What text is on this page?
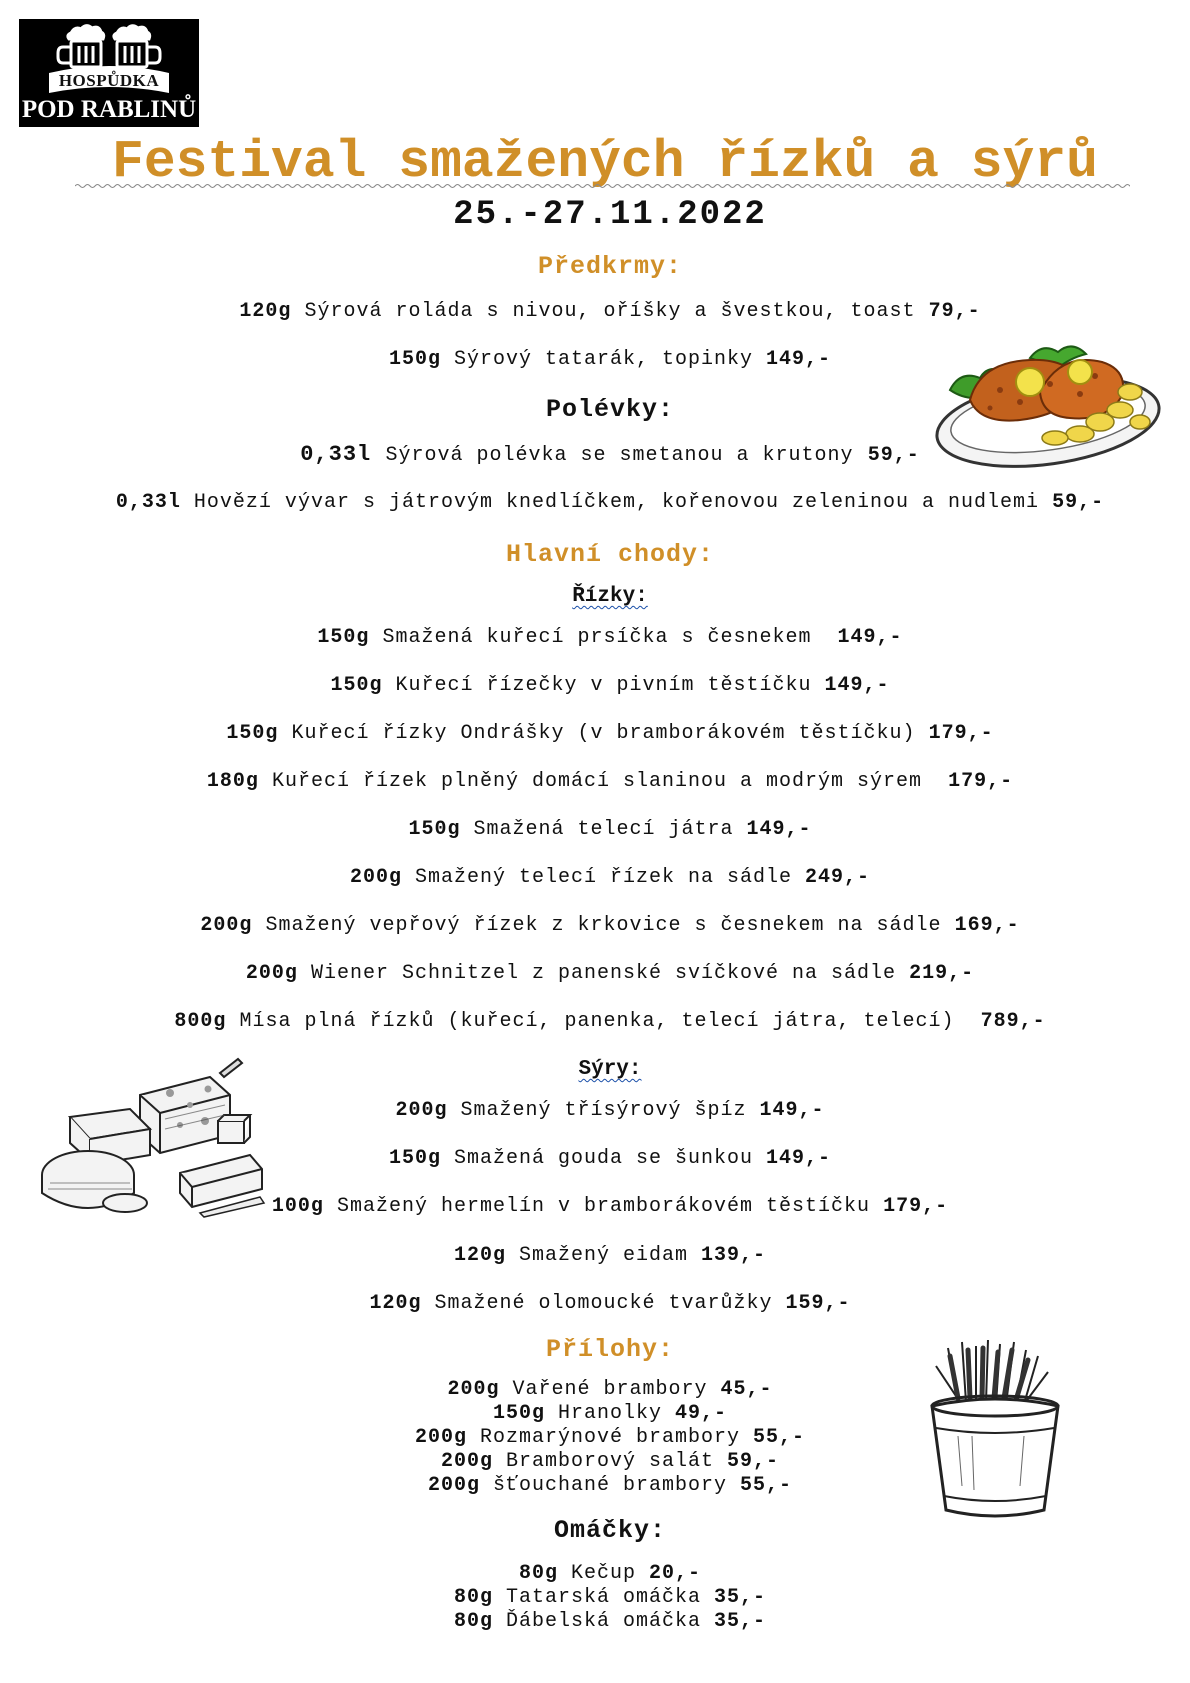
HOSPŮDKA
POD RABLINŮ
Festival smažených řízků a sýrů
25.-27.11.2022
Předkrmy:
120g Sýrová roláda s nivou, oříšky a švestkou, toast 79,-
150g Sýrový tatarák, topinky 149,-
Polévky:
0,33l Sýrová polévka se smetanou a krutony 59,-
0,33l Hovězí vývar s játrovým knedlíčkem, kořenovou zeleninou a nudlemi 59,-
Hlavní chody:
Řízky:
150g Smažená kuřecí prsíčka s česnekem 149,-
150g Kuřecí řízečky v pivním těstíčku 149,-
150g Kuřecí řízky Ondrášky (v bramborákovém těstíčku) 179,-
180g Kuřecí řízek plněný domácí slaninou a modrým sýrem 179,-
150g Smažená telecí játra 149,-
200g Smažený telecí řízek na sádle 249,-
200g Smažený vepřový řízek z krkovice s česnekem na sádle 169,-
200g Wiener Schnitzel z panenské svíčkové na sádle 219,-
800g Mísa plná řízků (kuřecí, panenka, telecí játra, telecí) 789,-
Sýry:
200g Smažený třísýrový špíz 149,-
150g Smažená gouda se šunkou 149,-
100g Smažený hermelín v bramborákovém těstíčku 179,-
120g Smažený eidam 139,-
120g Smažené olomoucké tvarůžky 159,-
Přílohy:
200g Vařené brambory 45,-
150g Hranolky 49,-
200g Rozmarýnové brambory 55,-
200g Bramborový salát 59,-
200g šťouchané brambory 55,-
Omáčky:
80g Kečup 20,-
80g Tatarská omáčka 35,-
80g Ďábelská omáčka 35,-
